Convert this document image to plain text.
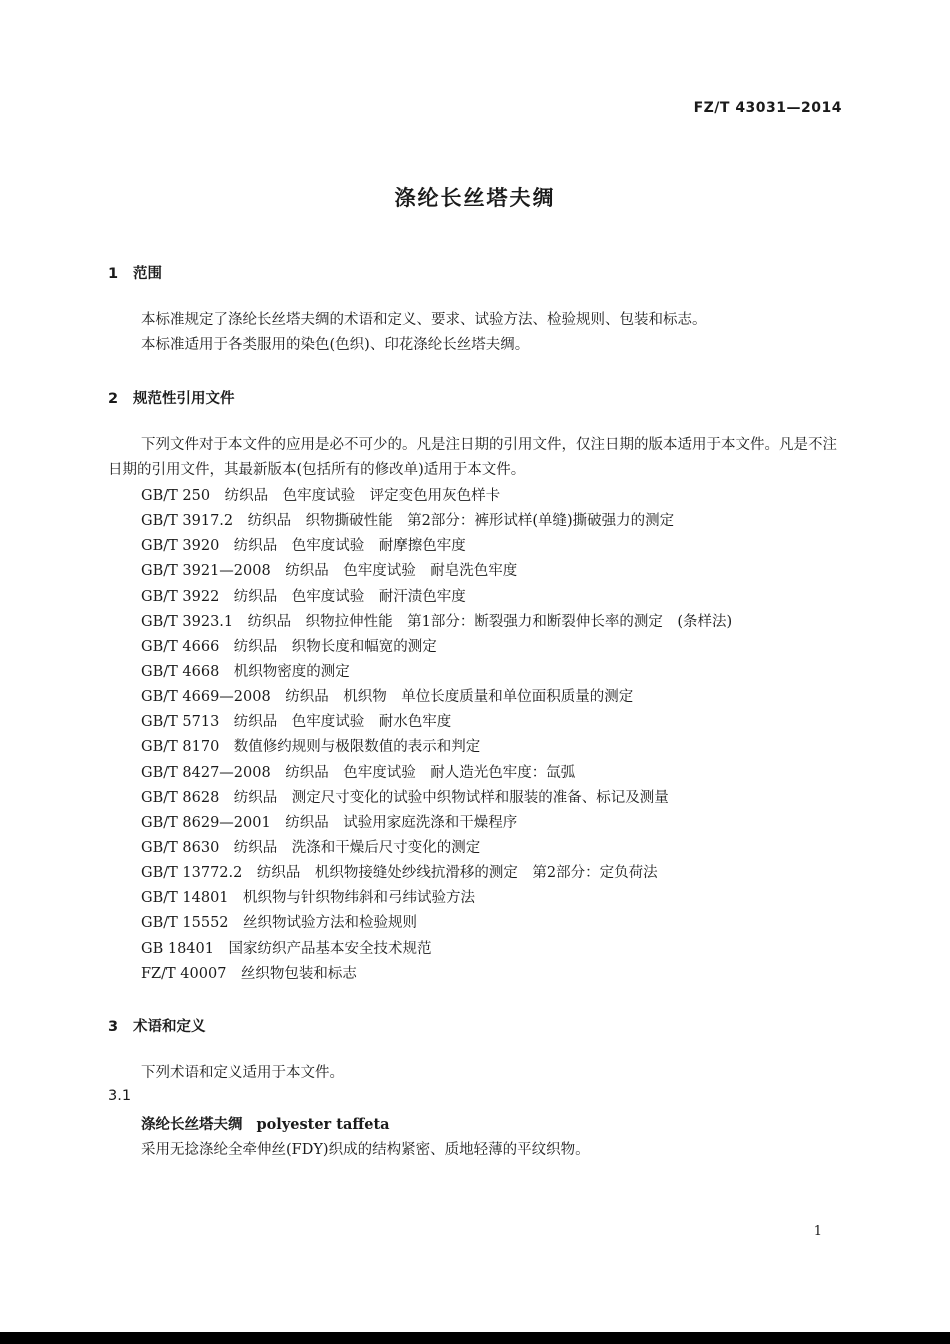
FZ/T 43031—2014
涤纶长丝塔夫绸
1 范围
本标准规定了涤纶长丝塔夫绸的术语和定义、要求、试验方法、检验规则、包装和标志。
本标准适用于各类服用的染色(色织)、印花涤纶长丝塔夫绸。
2 规范性引用文件
下列文件对于本文件的应用是必不可少的。凡是注日期的引用文件，仅注日期的版本适用于本文件。凡是不注日期的引用文件，其最新版本(包括所有的修改单)适用于本文件。
GB/T 250　纺织品　色牢度试验　评定变色用灰色样卡
GB/T 3917.2　纺织品　织物撕破性能　第2部分：裤形试样(单缝)撕破强力的测定
GB/T 3920　纺织品　色牢度试验　耐摩擦色牢度
GB/T 3921—2008　纺织品　色牢度试验　耐皂洗色牢度
GB/T 3922　纺织品　色牢度试验　耐汗渍色牢度
GB/T 3923.1　纺织品　织物拉伸性能　第1部分：断裂强力和断裂伸长率的测定　(条样法)
GB/T 4666　纺织品　织物长度和幅宽的测定
GB/T 4668　机织物密度的测定
GB/T 4669—2008　纺织品　机织物　单位长度质量和单位面积质量的测定
GB/T 5713　纺织品　色牢度试验　耐水色牢度
GB/T 8170　数值修约规则与极限数值的表示和判定
GB/T 8427—2008　纺织品　色牢度试验　耐人造光色牢度：氙弧
GB/T 8628　纺织品　测定尺寸变化的试验中织物试样和服装的准备、标记及测量
GB/T 8629—2001　纺织品　试验用家庭洗涤和干燥程序
GB/T 8630　纺织品　洗涤和干燥后尺寸变化的测定
GB/T 13772.2　纺织品　机织物接缝处纱线抗滑移的测定　第2部分：定负荷法
GB/T 14801　机织物与针织物纬斜和弓纬试验方法
GB/T 15552　丝织物试验方法和检验规则
GB 18401　国家纺织产品基本安全技术规范
FZ/T 40007　丝织物包装和标志
3 术语和定义
下列术语和定义适用于本文件。
3.1
涤纶长丝塔夫绸 polyester taffeta
采用无捻涤纶全牵伸丝(FDY)织成的结构紧密、质地轻薄的平纹织物。
1
